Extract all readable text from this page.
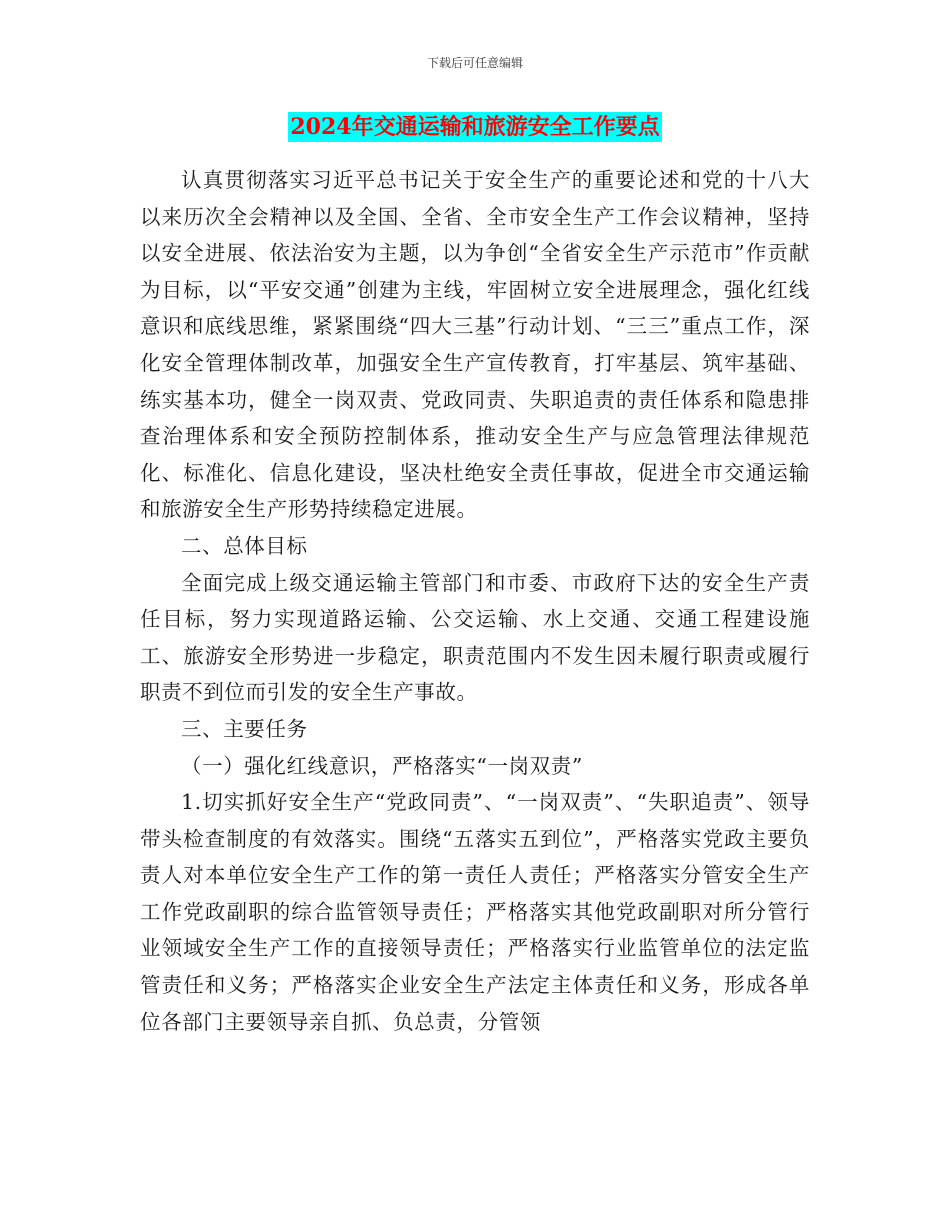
下载后可任意编辑
2024年交通运输和旅游安全工作要点

认真贯彻落实习近平总书记关于安全生产的重要论述和党的十八大以来历次全会精神以及全国、全省、全市安全生产工作会议精神，坚持以安全进展、依法治安为主题，以为争创“全省安全生产示范市”作贡献为目标，以“平安交通”创建为主线，牢固树立安全进展理念，强化红线意识和底线思维，紧紧围绕“四大三基”行动计划、“三三”重点工作，深化安全管理体制改革，加强安全生产宣传教育，打牢基层、筑牢基础、练实基本功，健全一岗双责、党政同责、失职追责的责任体系和隐患排查治理体系和安全预防控制体系，推动安全生产与应急管理法律规范化、标准化、信息化建设，坚决杜绝安全责任事故，促进全市交通运输和旅游安全生产形势持续稳定进展。

二、总体目标

全面完成上级交通运输主管部门和市委、市政府下达的安全生产责任目标，努力实现道路运输、公交运输、水上交通、交通工程建设施工、旅游安全形势进一步稳定，职责范围内不发生因未履行职责或履行职责不到位而引发的安全生产事故。

三、主要任务

（一）强化红线意识，严格落实“一岗双责”

1.切实抓好安全生产“党政同责”、“一岗双责”、“失职追责”、领导带头检查制度的有效落实。围绕“五落实五到位”，严格落实党政主要负责人对本单位安全生产工作的第一责任人责任；严格落实分管安全生产工作党政副职的综合监管领导责任；严格落实其他党政副职对所分管行业领域安全生产工作的直接领导责任；严格落实行业监管单位的法定监管责任和义务；严格落实企业安全生产法定主体责任和义务，形成各单位各部门主要领导亲自抓、负总责，分管领
